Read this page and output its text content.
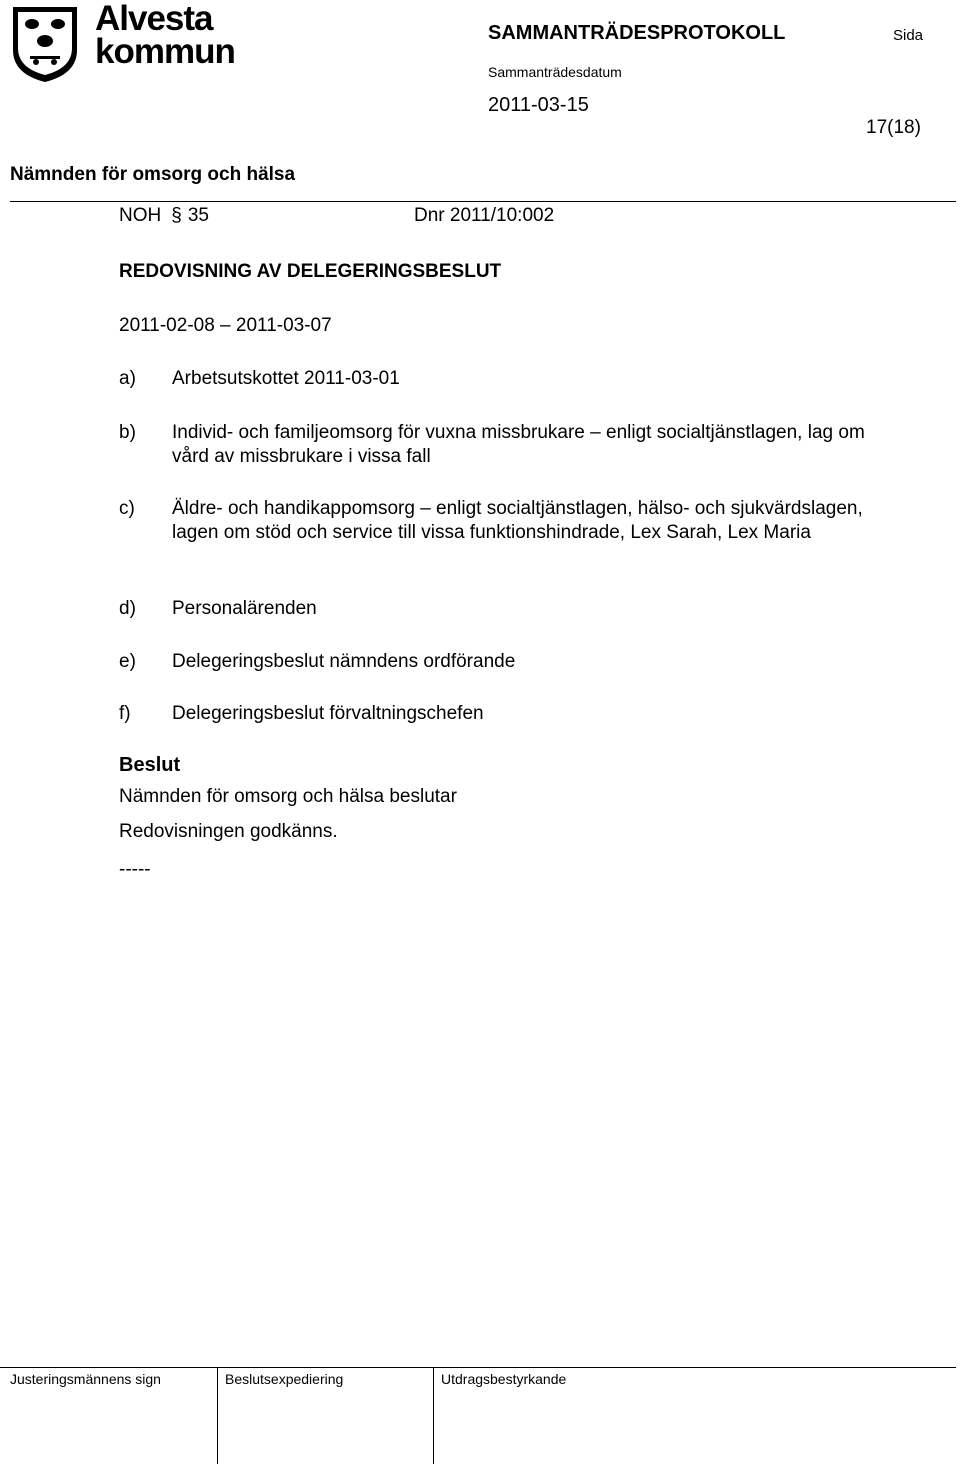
Alvesta
kommun	SAMMANTRÄDESPROTOKOLL	Sida
Sammanträdesdatum
2011-03-15
17(18)
Nämnden för omsorg och hälsa
NOH § 35	Dnr 2011/10:002
REDOVISNING AV DELEGERINGSBESLUT
2011-02-08 – 2011-03-07
a) Arbetsutskottet 2011-03-01
b) Individ- och familjeomsorg för vuxna missbrukare – enligt socialtjänstlagen, lag om vård av missbrukare i vissa fall
c) Äldre- och handikappomsorg – enligt socialtjänstlagen, hälso- och sjukvärdslagen, lagen om stöd och service till vissa funktionshindrade, Lex Sarah, Lex Maria
d) Personalärenden
e) Delegeringsbeslut nämndens ordförande
f) Delegeringsbeslut förvaltningschefen
Beslut
Nämnden för omsorg och hälsa beslutar
Redovisningen godkänns.
-----
Justeringsmännens sign	Beslutsexpediering	Utdragsbestyrkande
